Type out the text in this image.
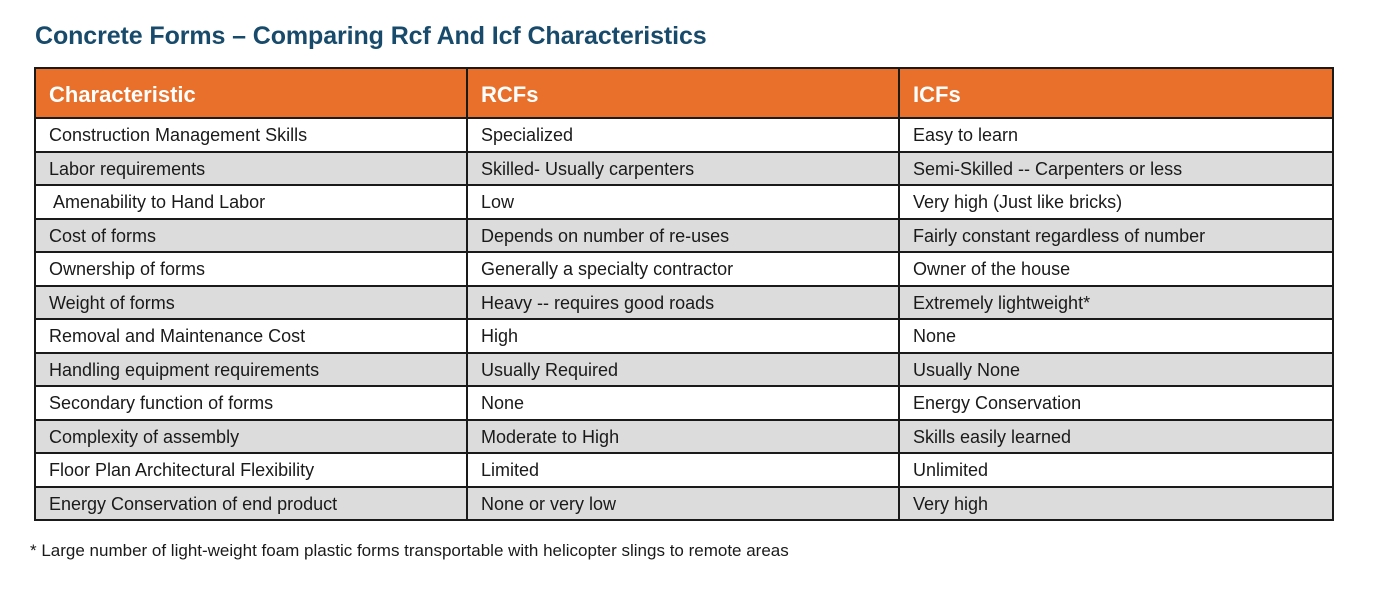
Concrete Forms – Comparing Rcf And Icf Characteristics
Characteristic	RCFs	ICFs
Construction Management Skills	Specialized	Easy to learn
Labor requirements	Skilled- Usually carpenters	Semi-Skilled -- Carpenters or less
Amenability to Hand Labor	Low	Very high (Just like bricks)
Cost of forms	Depends on number of re-uses	Fairly constant regardless of number
Ownership of forms	Generally a specialty contractor	Owner of the house
Weight of forms	Heavy -- requires good roads	Extremely lightweight*
Removal and Maintenance Cost	High	None
Handling equipment requirements	Usually Required	Usually None
Secondary function of forms	None	Energy Conservation
Complexity of assembly	Moderate to High	Skills easily learned
Floor Plan Architectural Flexibility	Limited	Unlimited
Energy Conservation of end product	None or very low	Very high
* Large number of light-weight foam plastic forms transportable with helicopter slings to remote areas
